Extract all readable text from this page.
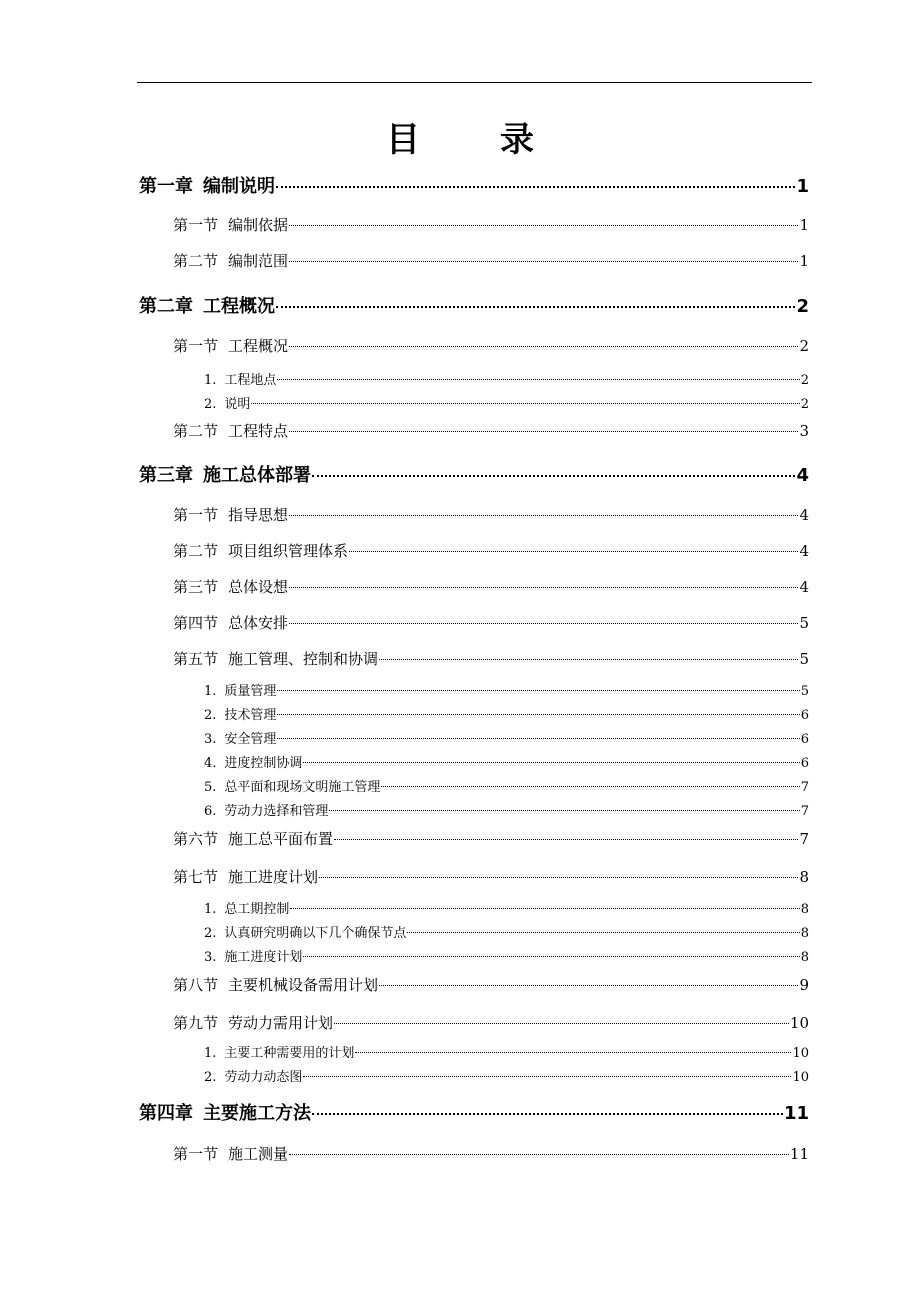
目 录
第一章 编制说明	1
第一节 编制依据	1
第二节 编制范围	1
第二章 工程概况	2
第一节 工程概况	2
1. 工程地点	2
2. 说明	2
第二节 工程特点	3
第三章 施工总体部署	4
第一节 指导思想	4
第二节 项目组织管理体系	4
第三节 总体设想	4
第四节 总体安排	5
第五节 施工管理、控制和协调	5
1. 质量管理	5
2. 技术管理	6
3. 安全管理	6
4. 进度控制协调	6
5. 总平面和现场文明施工管理	7
6. 劳动力选择和管理	7
第六节 施工总平面布置	7
第七节 施工进度计划	8
1. 总工期控制	8
2. 认真研究明确以下几个确保节点	8
3. 施工进度计划	8
第八节 主要机械设备需用计划	9
第九节 劳动力需用计划	10
1. 主要工种需要用的计划	10
2. 劳动力动态图	10
第四章 主要施工方法	11
第一节 施工测量	11
